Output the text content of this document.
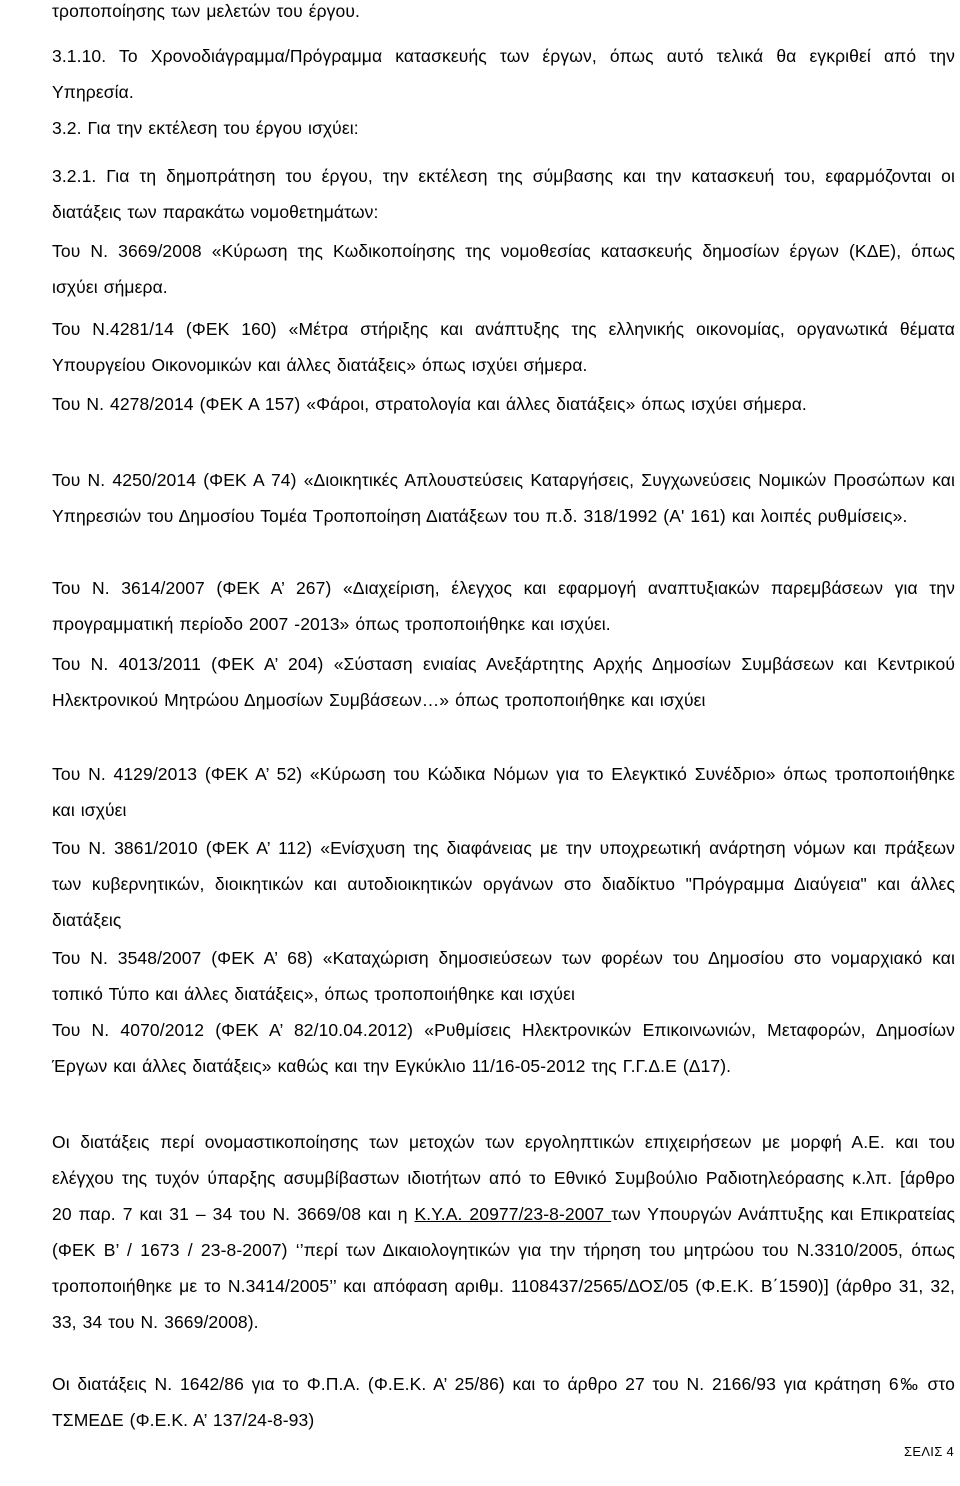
τροποποίησης των μελετών του έργου.

3.1.10. Το Χρονοδιάγραμμα/Πρόγραμμα κατασκευής των έργων, όπως αυτό τελικά θα εγκριθεί από την Υπηρεσία.

3.2. Για την εκτέλεση του έργου ισχύει:

3.2.1. Για τη δημοπράτηση του έργου, την εκτέλεση της σύμβασης και την κατασκευή του, εφαρμόζονται οι διατάξεις των παρακάτω νομοθετημάτων:

Του Ν. 3669/2008 «Κύρωση της Κωδικοποίησης της νομοθεσίας κατασκευής δημοσίων έργων (ΚΔΕ), όπως ισχύει σήμερα.

Του Ν.4281/14 (ΦΕΚ 160) «Μέτρα στήριξης και ανάπτυξης της ελληνικής οικονομίας, οργανωτικά θέματα Υπουργείου Οικονομικών και άλλες διατάξεις» όπως ισχύει σήμερα.

Του Ν. 4278/2014 (ΦΕΚ Α 157) «Φάροι, στρατολογία και άλλες διατάξεις» όπως ισχύει σήμερα.

Του Ν. 4250/2014 (ΦΕΚ Α 74) «Διοικητικές Απλουστεύσεις Καταργήσεις, Συγχωνεύσεις Νομικών Προσώπων και Υπηρεσιών του Δημοσίου Τομέα Τροποποίηση Διατάξεων του π.δ. 318/1992 (Α' 161) και λοιπές ρυθμίσεις».

Του Ν. 3614/2007 (ΦΕΚ Α’ 267) «Διαχείριση, έλεγχος και εφαρμογή αναπτυξιακών παρεμβάσεων για την προγραμματική περίοδο 2007 -2013» όπως τροποποιήθηκε και ισχύει.

Του Ν. 4013/2011 (ΦΕΚ Α’ 204) «Σύσταση ενιαίας Ανεξάρτητης Αρχής Δημοσίων Συμβάσεων και Κεντρικού Ηλεκτρονικού Μητρώου Δημοσίων Συμβάσεων…» όπως τροποποιήθηκε και ισχύει

Του Ν. 4129/2013 (ΦΕΚ Α’ 52) «Κύρωση του Κώδικα Νόμων για το Ελεγκτικό Συνέδριο» όπως τροποποιήθηκε και ισχύει

Του Ν. 3861/2010 (ΦΕΚ Α’ 112) «Ενίσχυση της διαφάνειας με την υποχρεωτική ανάρτηση νόμων και πράξεων των κυβερνητικών, διοικητικών και αυτοδιοικητικών οργάνων στο διαδίκτυο "Πρόγραμμα Διαύγεια" και άλλες διατάξεις

Του Ν. 3548/2007 (ΦΕΚ Α’ 68) «Καταχώριση δημοσιεύσεων των φορέων του Δημοσίου στο νομαρχιακό και τοπικό Τύπο και άλλες διατάξεις», όπως τροποποιήθηκε και ισχύει

Του Ν. 4070/2012 (ΦΕΚ Α’ 82/10.04.2012) «Ρυθμίσεις Ηλεκτρονικών Επικοινωνιών, Μεταφορών, Δημοσίων Έργων και άλλες διατάξεις» καθώς και την Εγκύκλιο 11/16-05-2012 της Γ.Γ.Δ.Ε (Δ17).

Οι διατάξεις περί ονομαστικοποίησης των μετοχών των εργοληπτικών επιχειρήσεων με μορφή Α.Ε. και του ελέγχου της τυχόν ύπαρξης ασυμβίβαστων ιδιοτήτων από το Εθνικό Συμβούλιο Ραδιοτηλεόρασης κ.λπ. [άρθρο 20 παρ. 7 και 31 – 34 του Ν. 3669/08 και η Κ.Υ.Α. 20977/23-8-2007 των Υπουργών Ανάπτυξης και Επικρατείας (ΦΕΚ Β’ / 1673 / 23-8-2007) ‘’περί των Δικαιολογητικών για την τήρηση του μητρώου του Ν.3310/2005, όπως τροποποιήθηκε με το Ν.3414/2005’’ και απόφαση αριθμ. 1108437/2565/ΔΟΣ/05 (Φ.Ε.Κ. Β΄1590)] (άρθρο 31, 32, 33, 34 του Ν. 3669/2008).

Οι διατάξεις Ν. 1642/86 για το Φ.Π.Α. (Φ.Ε.Κ. Α’ 25/86) και το άρθρο 27 του Ν. 2166/93 για κράτηση 6‰ στο ΤΣΜΕΔΕ (Φ.Ε.Κ. Α’ 137/24-8-93)

ΣΕΛΙΣ 4
